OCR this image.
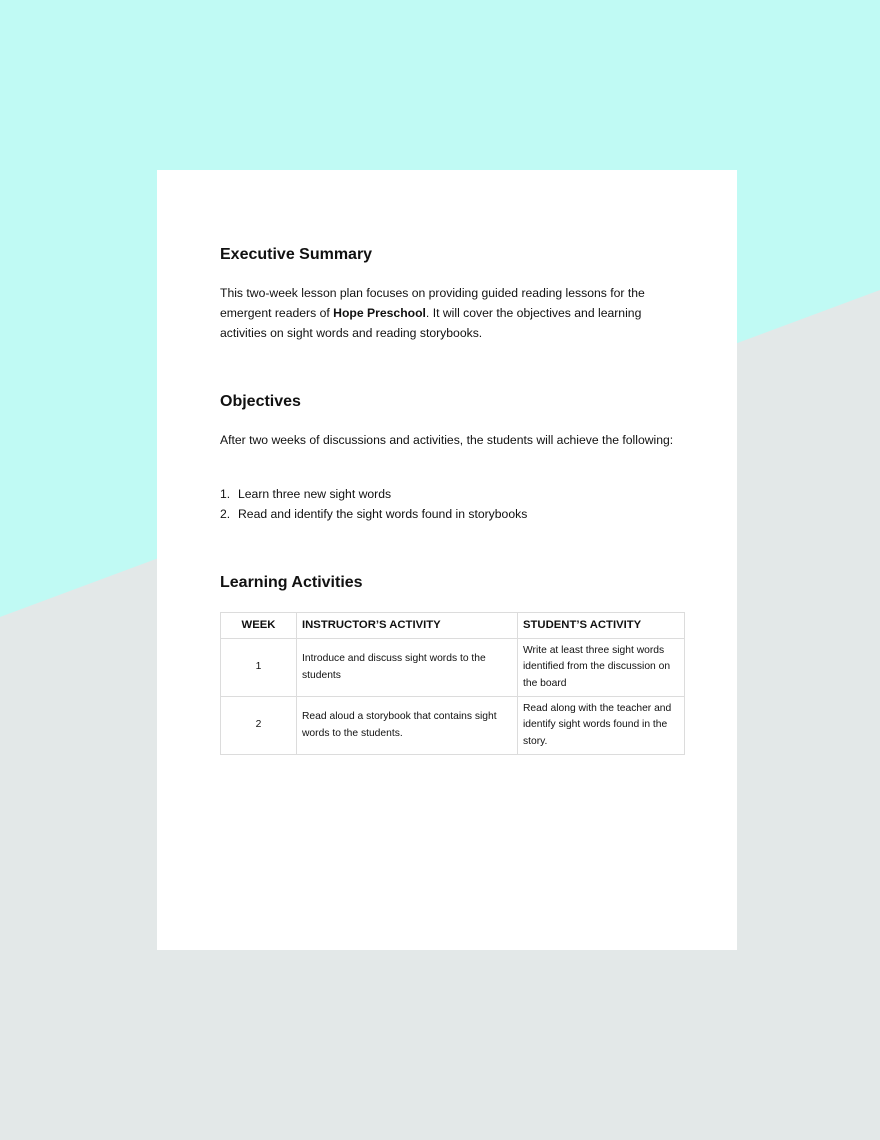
Executive Summary

This two-week lesson plan focuses on providing guided reading lessons for the emergent readers of Hope Preschool. It will cover the objectives and learning activities on sight words and reading storybooks.

Objectives

After two weeks of discussions and activities, the students will achieve the following:

1. Learn three new sight words
2. Read and identify the sight words found in storybooks
Learning Activities
WEEK	INSTRUCTOR’S ACTIVITY	STUDENT’S ACTIVITY
1	Introduce and discuss sight words to the students	Write at least three sight words identified from the discussion on the board
2	Read aloud a storybook that contains sight words to the students.	Read along with the teacher and identify sight words found in the story.
